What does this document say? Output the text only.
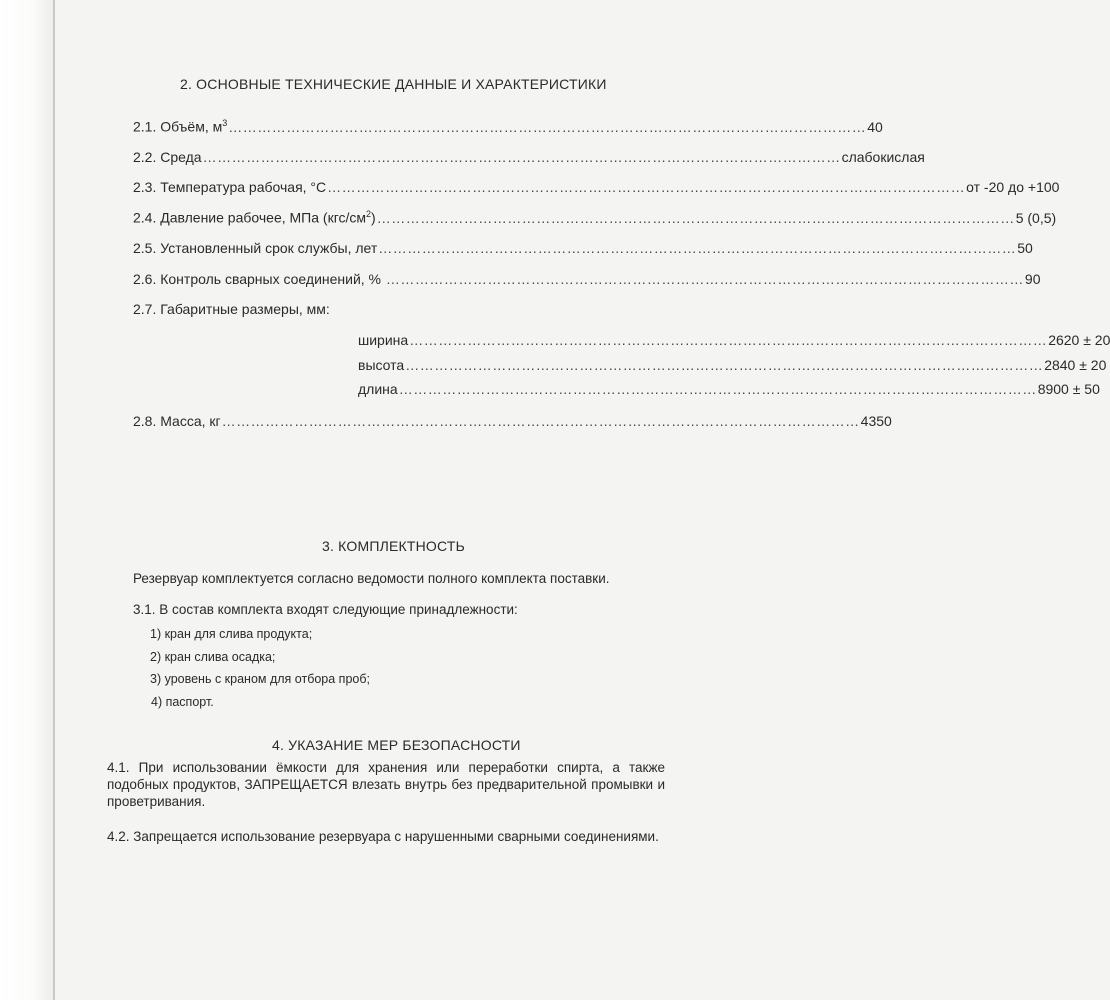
2. ОСНОВНЫЕ ТЕХНИЧЕСКИЕ ДАННЫЕ И ХАРАКТЕРИСТИКИ
2.1. Объём, $м^3$ …………………………………………………………………………………………………………………… 40
2.2. Среда …………………………………………………………………………………………………………………… слабокислая
2.3. Температура рабочая, °С …………………………………………………………………………………………………………………… от -20 до +100
2.4. Давление рабочее, МПа $(кгс/см^2)$ …………………………………………………………………………………………………………………… 5 (0,5)
2.5. Установленный срок службы, лет …………………………………………………………………………………………………………………… 50
2.6. Контроль сварных соединений, % …………………………………………………………………………………………………………………… 90
2.7. Габаритные размеры, мм:
ширина …………………………………………………………………………………………………………………… 2620 ± 20
высота …………………………………………………………………………………………………………………… 2840 ± 20
длина …………………………………………………………………………………………………………………… 8900 ± 50
2.8. Масса, кг …………………………………………………………………………………………………………………… 4350
3. КОМПЛЕКТНОСТЬ
Резервуар комплектуется согласно ведомости полного комплекта поставки.
3.1. В состав комплекта входят следующие принадлежности:
1) кран для слива продукта;
2) кран слива осадка;
3) уровень с краном для отбора проб;
4) паспорт.
4. УКАЗАНИЕ МЕР БЕЗОПАСНОСТИ
4.1. При использовании ёмкости для хранения или переработки спирта, а также подобных продуктов, ЗАПРЕЩАЕТСЯ влезать внутрь без предварительной промывки и проветривания.
4.2. Запрещается использование резервуара с нарушенными сварными соединениями.
